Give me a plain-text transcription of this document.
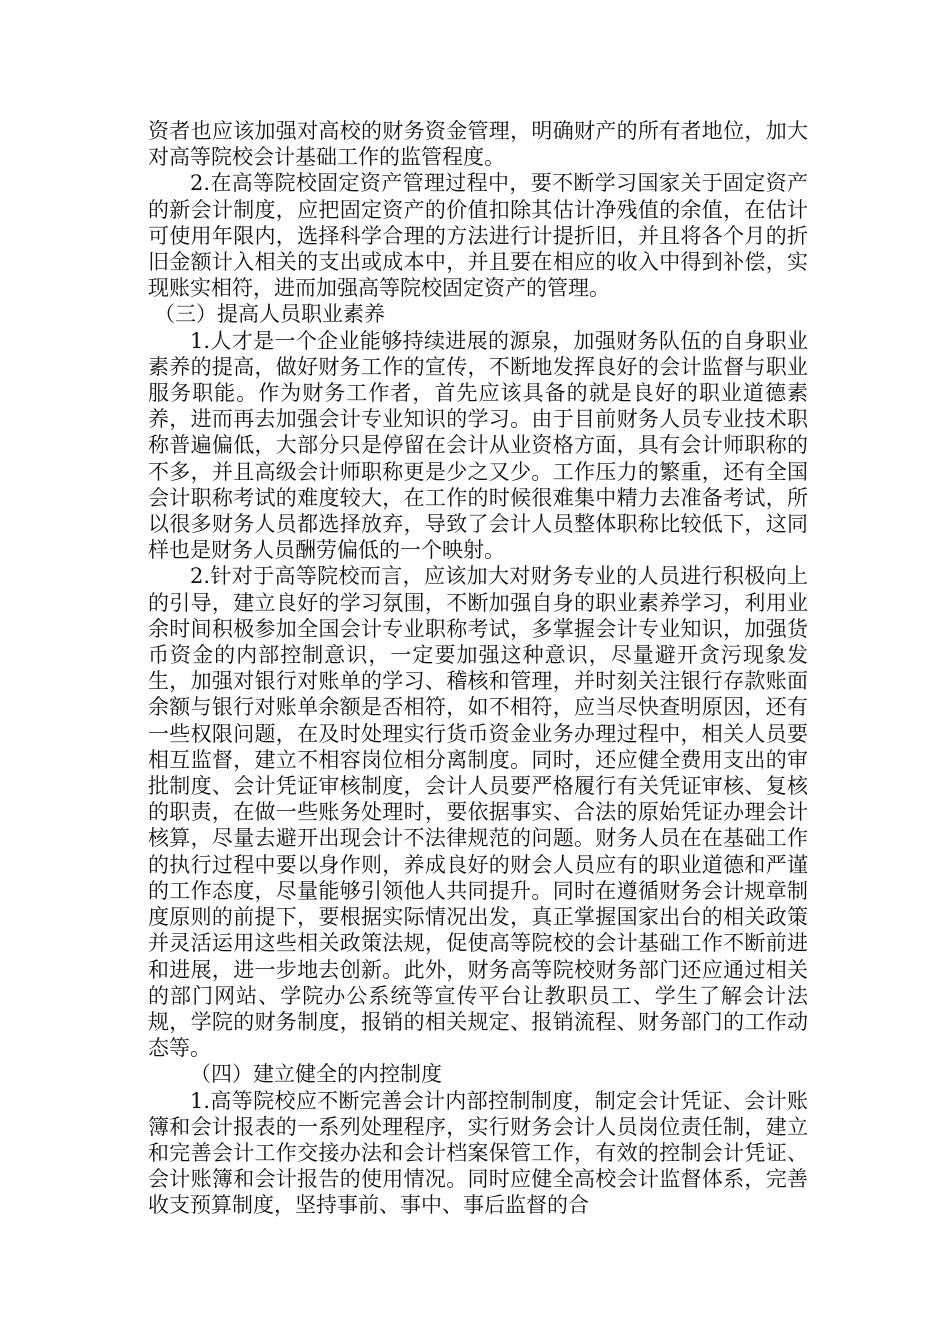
资者也应该加强对高校的财务资金管理，明确财产的所有者地位，加大对高等院校会计基础工作的监管程度。

2.在高等院校固定资产管理过程中，要不断学习国家关于固定资产的新会计制度，应把固定资产的价值扣除其估计净残值的余值，在估计可使用年限内，选择科学合理的方法进行计提折旧，并且将各个月的折旧金额计入相关的支出或成本中，并且要在相应的收入中得到补偿，实现账实相符，进而加强高等院校固定资产的管理。

（三）提高人员职业素养

1.人才是一个企业能够持续进展的源泉，加强财务队伍的自身职业素养的提高，做好财务工作的宣传，不断地发挥良好的会计监督与职业服务职能。作为财务工作者，首先应该具备的就是良好的职业道德素养，进而再去加强会计专业知识的学习。由于目前财务人员专业技术职称普遍偏低，大部分只是停留在会计从业资格方面，具有会计师职称的不多，并且高级会计师职称更是少之又少。工作压力的繁重，还有全国会计职称考试的难度较大，在工作的时候很难集中精力去准备考试，所以很多财务人员都选择放弃，导致了会计人员整体职称比较低下，这同样也是财务人员酬劳偏低的一个映射。

2.针对于高等院校而言，应该加大对财务专业的人员进行积极向上的引导，建立良好的学习氛围，不断加强自身的职业素养学习，利用业余时间积极参加全国会计专业职称考试，多掌握会计专业知识，加强货币资金的内部控制意识，一定要加强这种意识，尽量避开贪污现象发生，加强对银行对账单的学习、稽核和管理，并时刻关注银行存款账面余额与银行对账单余额是否相符，如不相符，应当尽快查明原因，还有一些权限问题，在及时处理实行货币资金业务办理过程中，相关人员要相互监督，建立不相容岗位相分离制度。同时，还应健全费用支出的审批制度、会计凭证审核制度，会计人员要严格履行有关凭证审核、复核的职责，在做一些账务处理时，要依据事实、合法的原始凭证办理会计核算，尽量去避开出现会计不法律规范的问题。财务人员在在基础工作的执行过程中要以身作则，养成良好的财会人员应有的职业道德和严谨的工作态度，尽量能够引领他人共同提升。同时在遵循财务会计规章制度原则的前提下，要根据实际情况出发，真正掌握国家出台的相关政策并灵活运用这些相关政策法规，促使高等院校的会计基础工作不断前进和进展，进一步地去创新。此外，财务高等院校财务部门还应通过相关的部门网站、学院办公系统等宣传平台让教职员工、学生了解会计法规，学院的财务制度，报销的相关规定、报销流程、财务部门的工作动态等。

（四）建立健全的内控制度

1.高等院校应不断完善会计内部控制制度，制定会计凭证、会计账簿和会计报表的一系列处理程序，实行财务会计人员岗位责任制，建立和完善会计工作交接办法和会计档案保管工作，有效的控制会计凭证、会计账簿和会计报告的使用情况。同时应健全高校会计监督体系，完善收支预算制度，坚持事前、事中、事后监督的合
